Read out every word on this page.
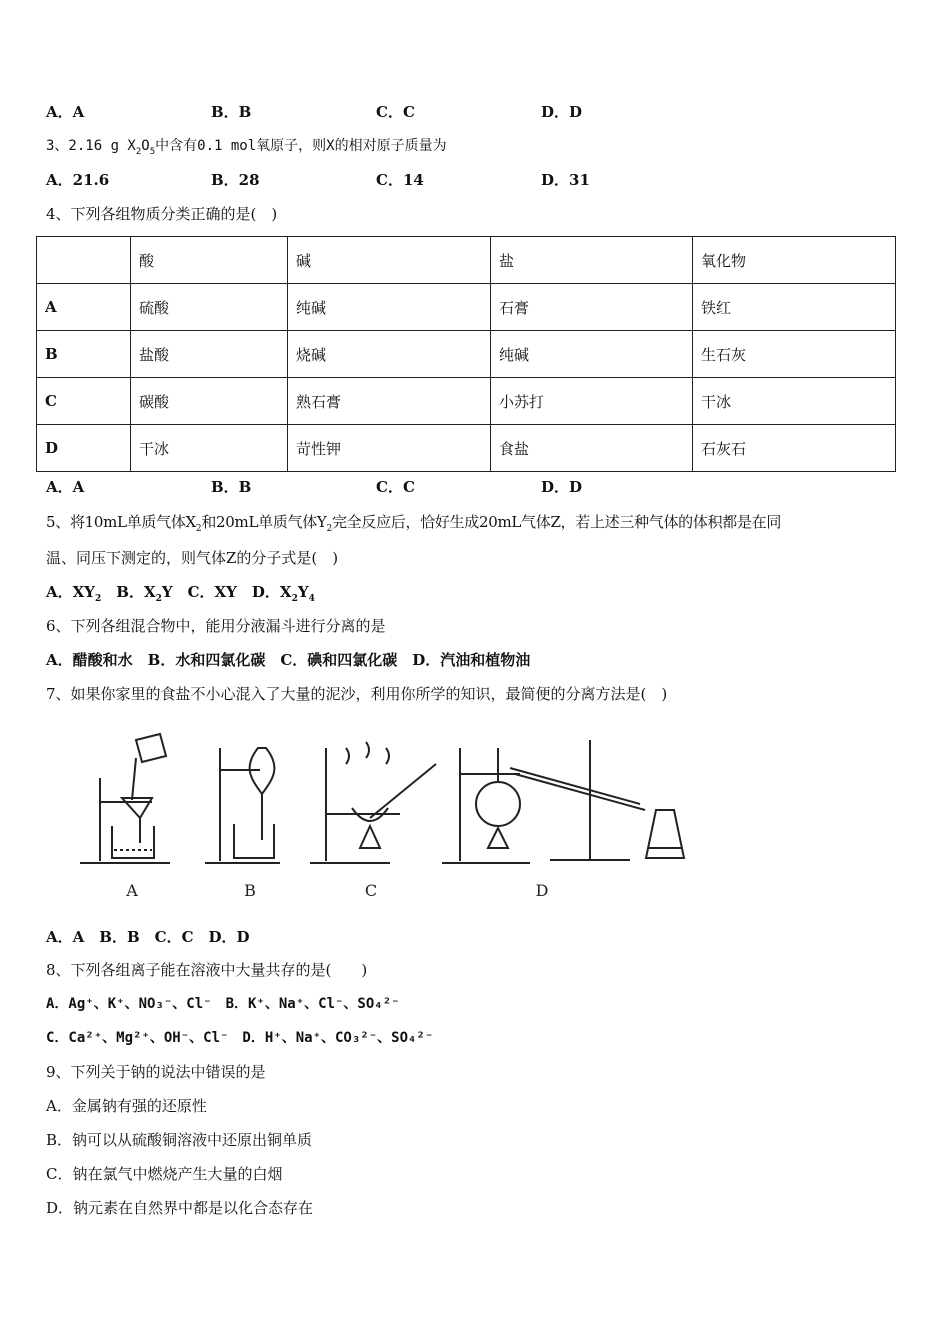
A．A	B．B	C．C	D．D
3、2.16 g $X_2O_5$中含有0.1 mol氧原子，则X的相对原子质量为
A．21.6	B．28	C．14	D．31
4、下列各组物质分类正确的是(　)
	酸	碱	盐	氧化物
A	硫酸	纯碱	石膏	铁红
B	盐酸	烧碱	纯碱	生石灰
C	碳酸	熟石膏	小苏打	干冰
D	干冰	苛性钾	食盐	石灰石
A．A	B．B	C．C	D．D
5、将10mL单质气体$X_2$和20mL单质气体$Y_2$完全反应后，恰好生成20mL气体Z，若上述三种气体的体积都是在同
温、同压下测定的，则气体Z的分子式是(　)
A．$XY_2$　 B．$X_2Y$　 C．XY　 D．$X_2Y_4$
6、下列各组混合物中，能用分液漏斗进行分离的是
A．醋酸和水　B．水和四氯化碳　C．碘和四氯化碳　D．汽油和植物油
7、如果你家里的食盐不小心混入了大量的泥沙，利用你所学的知识，最简便的分离方法是(　)
A	B	C	D
A．A　B．B　C．C　D．D
8、下列各组离子能在溶液中大量共存的是(　　)
A．Ag⁺、K⁺、NO₃⁻、Cl⁻　B．K⁺、Na⁺、Cl⁻、SO₄²⁻
C．Ca²⁺、Mg²⁺、OH⁻、Cl⁻　D．H⁺、Na⁺、CO₃²⁻、SO₄²⁻
9、下列关于钠的说法中错误的是
A．金属钠有强的还原性
B．钠可以从硫酸铜溶液中还原出铜单质
C．钠在氯气中燃烧产生大量的白烟
D．钠元素在自然界中都是以化合态存在
